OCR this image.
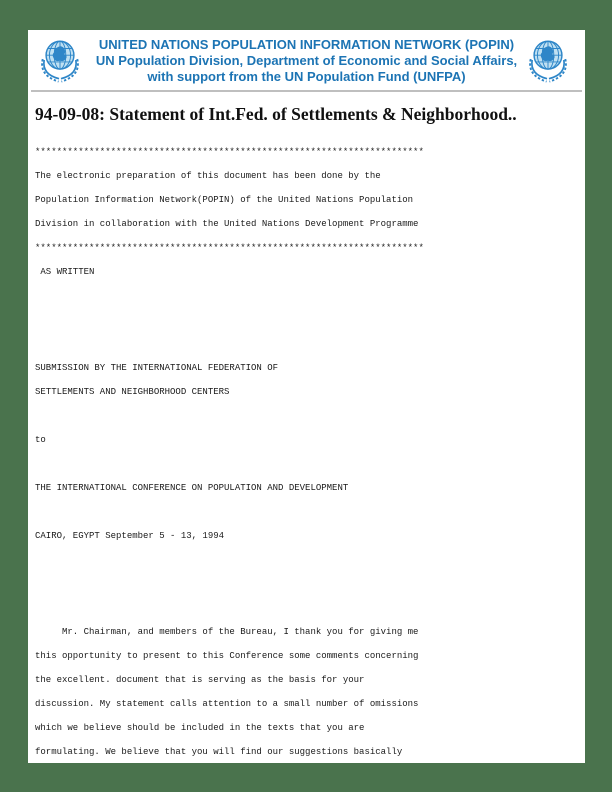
UNITED NATIONS POPULATION INFORMATION NETWORK (POPIN)
UN Population Division, Department of Economic and Social Affairs,
with support from the UN Population Fund (UNFPA)
94-09-08: Statement of Int.Fed. of Settlements & Neighborhood..
************************************************************************
The electronic preparation of this document has been done by the
Population Information Network(POPIN) of the United Nations Population
Division in collaboration with the United Nations Development Programme
************************************************************************
AS WRITTEN
SUBMISSION BY THE INTERNATIONAL FEDERATION OF
SETTLEMENTS AND NEIGHBORHOOD CENTERS
to
THE INTERNATIONAL CONFERENCE ON POPULATION AND DEVELOPMENT
CAIRO, EGYPT September 5 - 13, 1994
Mr. Chairman, and members of the Bureau, I thank you for giving me
this opportunity to present to this Conference some comments concerning
the excellent. document that is serving as the basis for your
discussion. My statement calls attention to a small number of omissions
which we believe should be included in the texts that you are
formulating. We believe that you will find our suggestions basically
